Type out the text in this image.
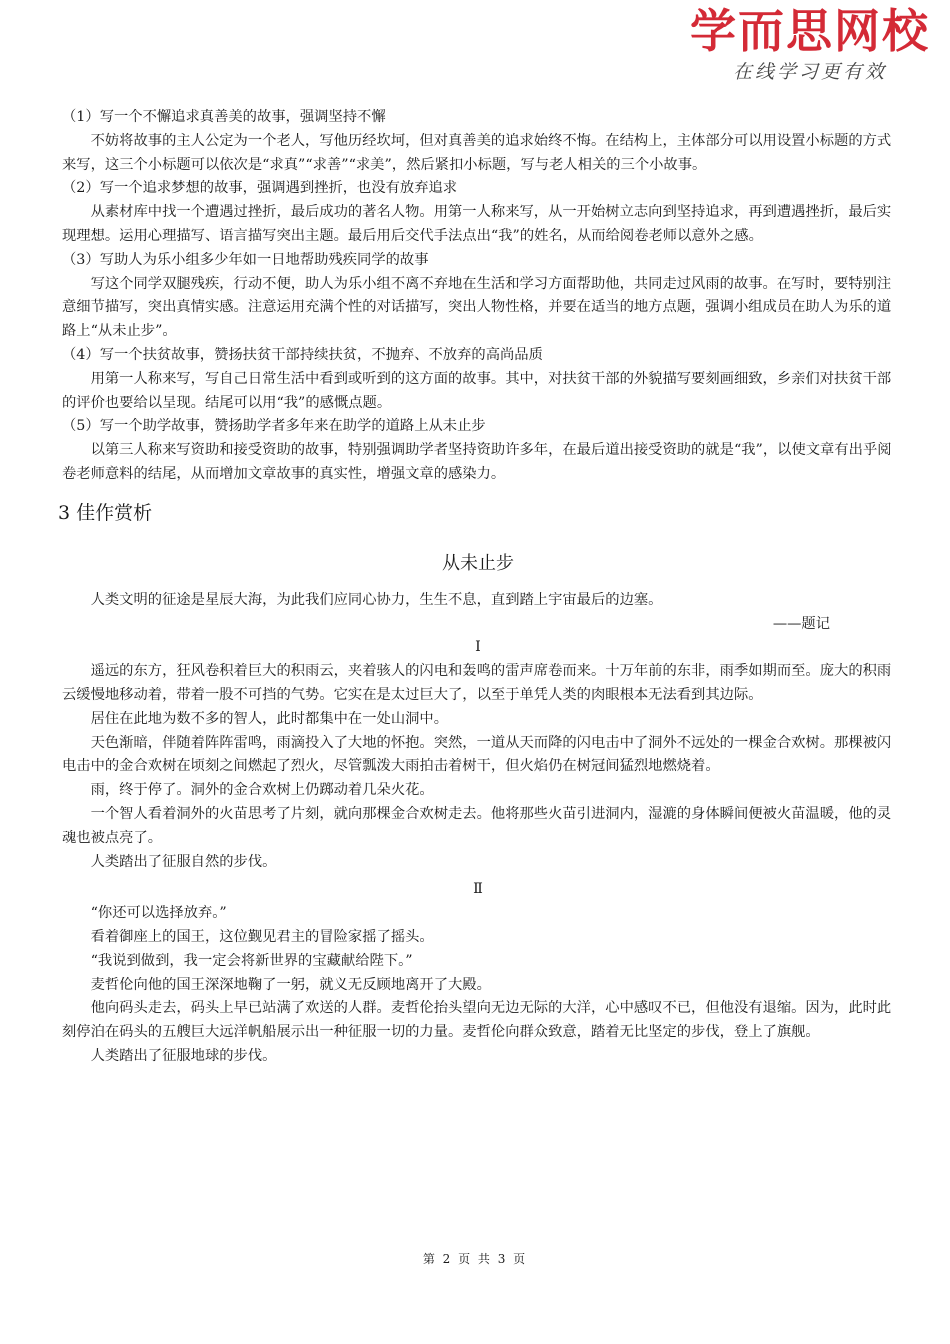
学而思网校
在线学习更有效

（1）写一个不懈追求真善美的故事，强调坚持不懈

不妨将故事的主人公定为一个老人，写他历经坎坷，但对真善美的追求始终不悔。在结构上，主体部分可以用设置小标题的方式来写，这三个小标题可以依次是“求真”“求善”“求美”，然后紧扣小标题，写与老人相关的三个小故事。

（2）写一个追求梦想的故事，强调遇到挫折，也没有放弃追求

从素材库中找一个遭遇过挫折，最后成功的著名人物。用第一人称来写，从一开始树立志向到坚持追求，再到遭遇挫折，最后实现理想。运用心理描写、语言描写突出主题。最后用后交代手法点出“我”的姓名，从而给阅卷老师以意外之感。

（3）写助人为乐小组多少年如一日地帮助残疾同学的故事

写这个同学双腿残疾，行动不便，助人为乐小组不离不弃地在生活和学习方面帮助他，共同走过风雨的故事。在写时，要特别注意细节描写，突出真情实感。注意运用充满个性的对话描写，突出人物性格，并要在适当的地方点题，强调小组成员在助人为乐的道路上“从未止步”。

（4）写一个扶贫故事，赞扬扶贫干部持续扶贫，不抛弃、不放弃的高尚品质

用第一人称来写，写自己日常生活中看到或听到的这方面的故事。其中，对扶贫干部的外貌描写要刻画细致，乡亲们对扶贫干部的评价也要给以呈现。结尾可以用“我”的感慨点题。

（5）写一个助学故事，赞扬助学者多年来在助学的道路上从未止步

以第三人称来写资助和接受资助的故事，特别强调助学者坚持资助许多年，在最后道出接受资助的就是“我”，以使文章有出乎阅卷老师意料的结尾，从而增加文章故事的真实性，增强文章的感染力。

3 佳作赏析

从未止步

人类文明的征途是星辰大海，为此我们应同心协力，生生不息，直到踏上宇宙最后的边塞。

——题记

Ⅰ

遥远的东方，狂风卷积着巨大的积雨云，夹着骇人的闪电和轰鸣的雷声席卷而来。十万年前的东非，雨季如期而至。庞大的积雨云缓慢地移动着，带着一股不可挡的气势。它实在是太过巨大了，以至于单凭人类的肉眼根本无法看到其边际。

居住在此地为数不多的智人，此时都集中在一处山洞中。

天色渐暗，伴随着阵阵雷鸣，雨滴投入了大地的怀抱。突然，一道从天而降的闪电击中了洞外不远处的一棵金合欢树。那棵被闪电击中的金合欢树在顷刻之间燃起了烈火，尽管瓢泼大雨拍击着树干，但火焰仍在树冠间猛烈地燃烧着。

雨，终于停了。洞外的金合欢树上仍踯动着几朵火花。

一个智人看着洞外的火苗思考了片刻，就向那棵金合欢树走去。他将那些火苗引进洞内，湿漉的身体瞬间便被火苗温暖，他的灵魂也被点亮了。

人类踏出了征服自然的步伐。

Ⅱ

“你还可以选择放弃。”

看着御座上的国王，这位觐见君主的冒险家摇了摇头。

“我说到做到，我一定会将新世界的宝藏献给陛下。”

麦哲伦向他的国王深深地鞠了一躬，就义无反顾地离开了大殿。

他向码头走去，码头上早已站满了欢送的人群。麦哲伦抬头望向无边无际的大洋，心中感叹不已，但他没有退缩。因为，此时此刻停泊在码头的五艘巨大远洋帆船展示出一种征服一切的力量。麦哲伦向群众致意，踏着无比坚定的步伐，登上了旗舰。

人类踏出了征服地球的步伐。

第 2 页 共 3 页
